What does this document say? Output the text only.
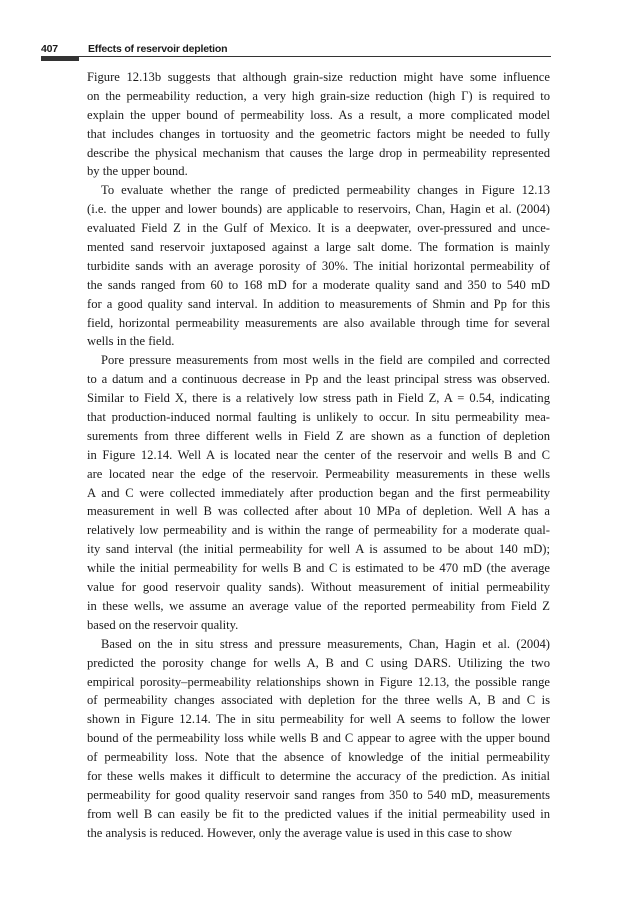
407	Effects of reservoir depletion
Figure 12.13b suggests that although grain-size reduction might have some influence
on the permeability reduction, a very high grain-size reduction (high Γ) is required to
explain the upper bound of permeability loss. As a result, a more complicated model
that includes changes in tortuosity and the geometric factors might be needed to fully
describe the physical mechanism that causes the large drop in permeability represented
by the upper bound.
To evaluate whether the range of predicted permeability changes in Figure 12.13
(i.e. the upper and lower bounds) are applicable to reservoirs, Chan, Hagin et al. (2004)
evaluated Field Z in the Gulf of Mexico. It is a deepwater, over-pressured and unce-
mented sand reservoir juxtaposed against a large salt dome. The formation is mainly
turbidite sands with an average porosity of 30%. The initial horizontal permeability of
the sands ranged from 60 to 168 mD for a moderate quality sand and 350 to 540 mD
for a good quality sand interval. In addition to measurements of Shmin and Pp for this
field, horizontal permeability measurements are also available through time for several
wells in the field.
Pore pressure measurements from most wells in the field are compiled and corrected
to a datum and a continuous decrease in Pp and the least principal stress was observed.
Similar to Field X, there is a relatively low stress path in Field Z, A = 0.54, indicating
that production-induced normal faulting is unlikely to occur. In situ permeability mea-
surements from three different wells in Field Z are shown as a function of depletion
in Figure 12.14. Well A is located near the center of the reservoir and wells B and C
are located near the edge of the reservoir. Permeability measurements in these wells
A and C were collected immediately after production began and the first permeability
measurement in well B was collected after about 10 MPa of depletion. Well A has a
relatively low permeability and is within the range of permeability for a moderate qual-
ity sand interval (the initial permeability for well A is assumed to be about 140 mD);
while the initial permeability for wells B and C is estimated to be 470 mD (the average
value for good reservoir quality sands). Without measurement of initial permeability
in these wells, we assume an average value of the reported permeability from Field Z
based on the reservoir quality.
Based on the in situ stress and pressure measurements, Chan, Hagin et al. (2004)
predicted the porosity change for wells A, B and C using DARS. Utilizing the two
empirical porosity–permeability relationships shown in Figure 12.13, the possible range
of permeability changes associated with depletion for the three wells A, B and C is
shown in Figure 12.14. The in situ permeability for well A seems to follow the lower
bound of the permeability loss while wells B and C appear to agree with the upper bound
of permeability loss. Note that the absence of knowledge of the initial permeability
for these wells makes it difficult to determine the accuracy of the prediction. As initial
permeability for good quality reservoir sand ranges from 350 to 540 mD, measurements
from well B can easily be fit to the predicted values if the initial permeability used in
the analysis is reduced. However, only the average value is used in this case to show
